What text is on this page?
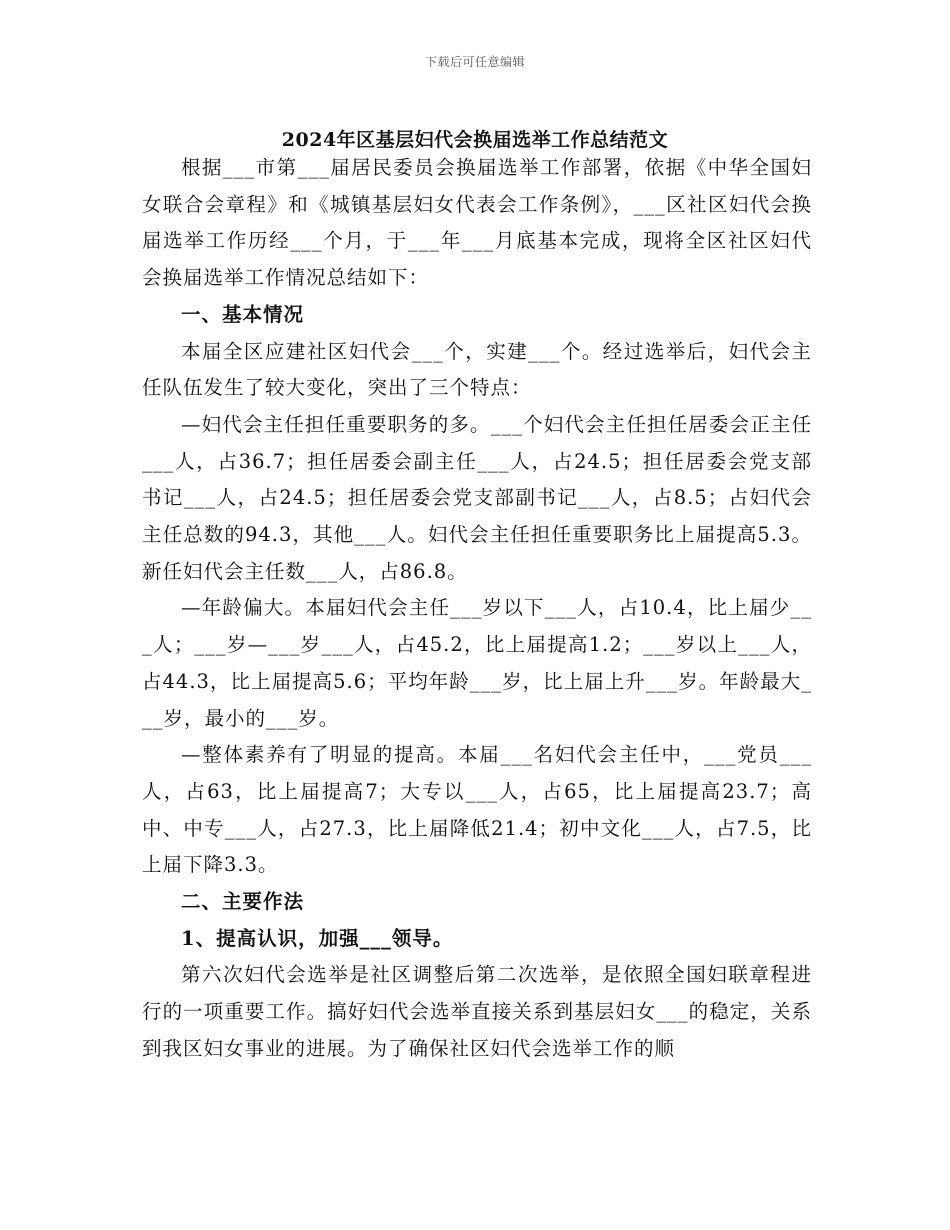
下载后可任意编辑
2024年区基层妇代会换届选举工作总结范文

根据___市第___届居民委员会换届选举工作部署，依据《中华全国妇女联合会章程》和《城镇基层妇女代表会工作条例》，___区社区妇代会换届选举工作历经___个月，于___年___月底基本完成，现将全区社区妇代会换届选举工作情况总结如下：

一、基本情况

本届全区应建社区妇代会___个，实建___个。经过选举后，妇代会主任队伍发生了较大变化，突出了三个特点：

—妇代会主任担任重要职务的多。___个妇代会主任担任居委会正主任___人，占36.7；担任居委会副主任___人，占24.5；担任居委会党支部书记___人，占24.5；担任居委会党支部副书记___人，占8.5；占妇代会主任总数的94.3，其他___人。妇代会主任担任重要职务比上届提高5.3。新任妇代会主任数___人，占86.8。

—年龄偏大。本届妇代会主任___岁以下___人，占10.4，比上届少___人；___岁—___岁___人，占45.2，比上届提高1.2；___岁以上___人，占44.3，比上届提高5.6；平均年龄___岁，比上届上升___岁。年龄最大___岁，最小的___岁。

—整体素养有了明显的提高。本届___名妇代会主任中，___党员___人，占63，比上届提高7；大专以___人，占65，比上届提高23.7；高中、中专___人，占27.3，比上届降低21.4；初中文化___人，占7.5，比上届下降3.3。

二、主要作法

1、提高认识，加强___领导。

第六次妇代会选举是社区调整后第二次选举，是依照全国妇联章程进行的一项重要工作。搞好妇代会选举直接关系到基层妇女___的稳定，关系到我区妇女事业的进展。为了确保社区妇代会选举工作的顺
